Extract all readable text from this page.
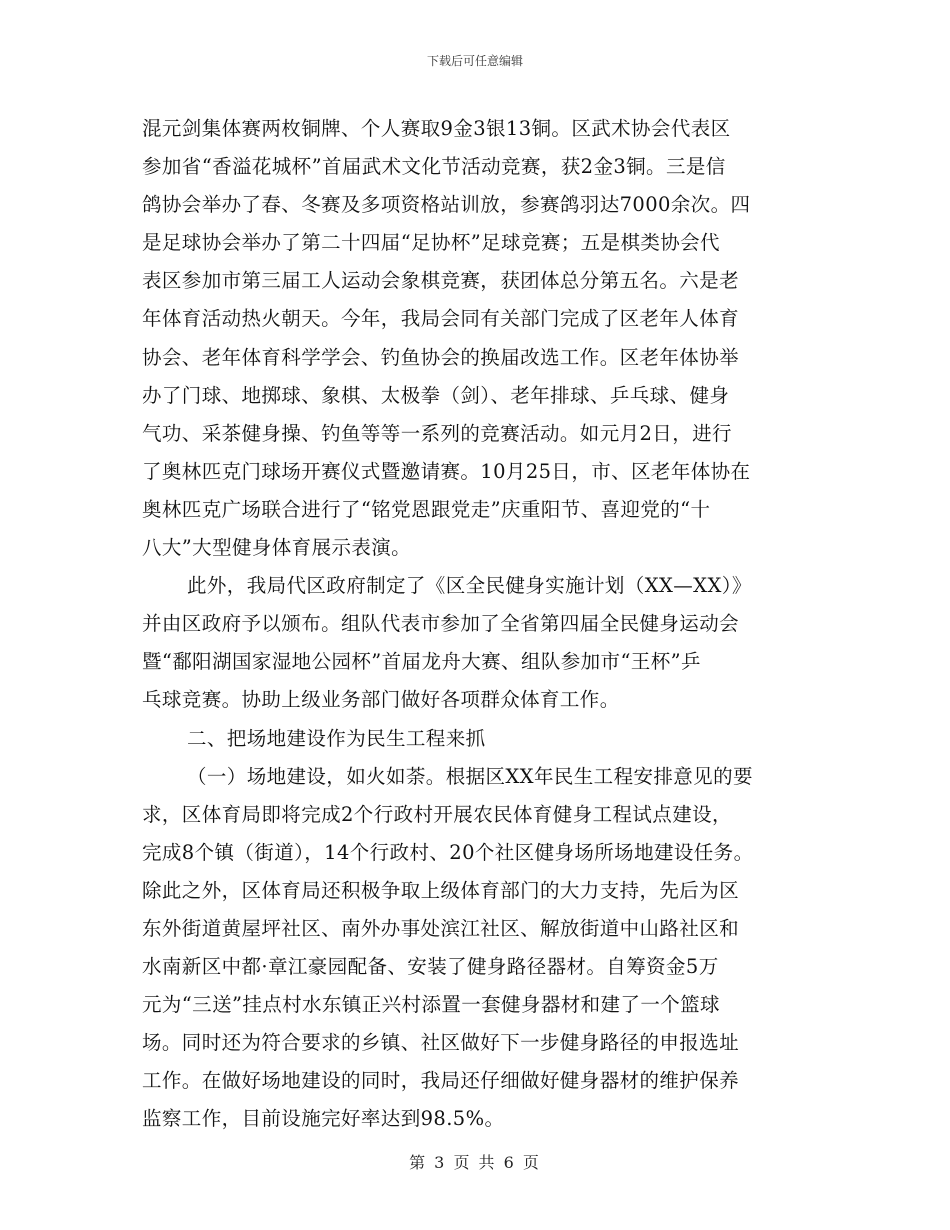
下载后可任意编辑
混元剑集体赛两枚铜牌、个人赛取9金3银13铜。区武术协会代表区
参加省“香溢花城杯”首届武术文化节活动竞赛，获2金3铜。三是信
鸽协会举办了春、冬赛及多项资格站训放，参赛鸽羽达7000余次。四
是足球协会举办了第二十四届“足协杯”足球竞赛；五是棋类协会代
表区参加市第三届工人运动会象棋竞赛，获团体总分第五名。六是老
年体育活动热火朝天。今年，我局会同有关部门完成了区老年人体育
协会、老年体育科学学会、钓鱼协会的换届改选工作。区老年体协举
办了门球、地掷球、象棋、太极拳（剑）、老年排球、乒乓球、健身
气功、采茶健身操、钓鱼等等一系列的竞赛活动。如元月2日，进行
了奥林匹克门球场开赛仪式暨邀请赛。10月25日，市、区老年体协在
奥林匹克广场联合进行了“铭党恩跟党走”庆重阳节、喜迎党的“十
八大”大型健身体育展示表演。
此外，我局代区政府制定了《区全民健身实施计划（XX—XX）》
并由区政府予以颁布。组队代表市参加了全省第四届全民健身运动会
暨“鄱阳湖国家湿地公园杯”首届龙舟大赛、组队参加市“王杯”乒
乓球竞赛。协助上级业务部门做好各项群众体育工作。
二、把场地建设作为民生工程来抓
（一）场地建设，如火如荼。根据区XX年民生工程安排意见的要
求，区体育局即将完成2个行政村开展农民体育健身工程试点建设，
完成8个镇（街道），14个行政村、20个社区健身场所场地建设任务。
除此之外，区体育局还积极争取上级体育部门的大力支持，先后为区
东外街道黄屋坪社区、南外办事处滨江社区、解放街道中山路社区和
水南新区中都·章江豪园配备、安装了健身路径器材。自筹资金5万
元为“三送”挂点村水东镇正兴村添置一套健身器材和建了一个篮球
场。同时还为符合要求的乡镇、社区做好下一步健身路径的申报选址
工作。在做好场地建设的同时，我局还仔细做好健身器材的维护保养
监察工作，目前设施完好率达到98.5%。
第 3 页 共 6 页
